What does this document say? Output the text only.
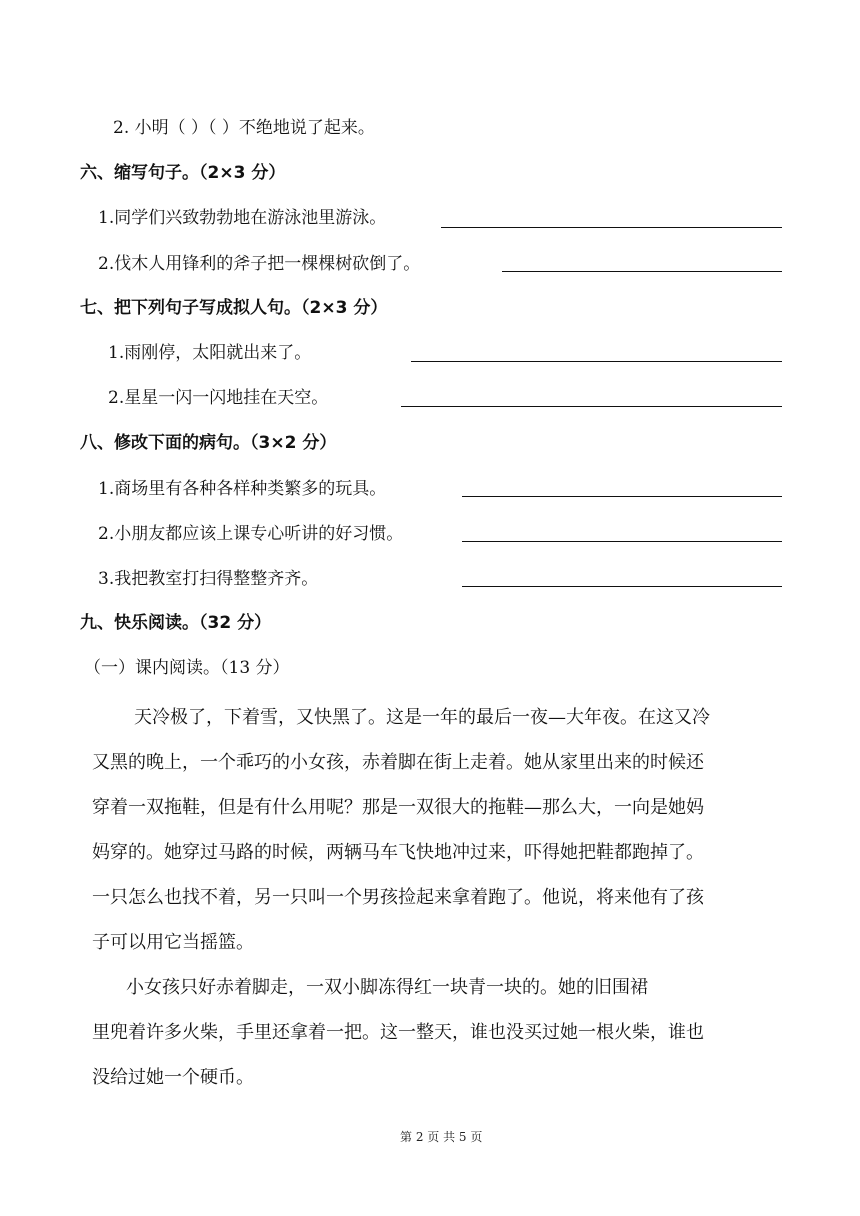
2. 小明（ ）（ ）不绝地说了起来。
六、缩写句子。（2×3 分）
1.同学们兴致勃勃地在游泳池里游泳。
2.伐木人用锋利的斧子把一棵棵树砍倒了。
七、把下列句子写成拟人句。（2×3 分）
1.雨刚停，太阳就出来了。
2.星星一闪一闪地挂在天空。
八、修改下面的病句。（3×2 分）
1.商场里有各种各样种类繁多的玩具。
2.小朋友都应该上课专心听讲的好习惯。
3.我把教室打扫得整整齐齐。
九、快乐阅读。（32 分）
（一）课内阅读。（13 分）
天冷极了，下着雪，又快黑了。这是一年的最后一夜—大年夜。在这又冷
又黑的晚上，一个乖巧的小女孩，赤着脚在街上走着。她从家里出来的时候还
穿着一双拖鞋，但是有什么用呢？那是一双很大的拖鞋—那么大，一向是她妈
妈穿的。她穿过马路的时候，两辆马车飞快地冲过来，吓得她把鞋都跑掉了。
一只怎么也找不着，另一只叫一个男孩捡起来拿着跑了。他说，将来他有了孩
子可以用它当摇篮。
小女孩只好赤着脚走，一双小脚冻得红一块青一块的。她的旧围裙
里兜着许多火柴，手里还拿着一把。这一整天，谁也没买过她一根火柴，谁也
没给过她一个硬币。
第 2 页 共 5 页
